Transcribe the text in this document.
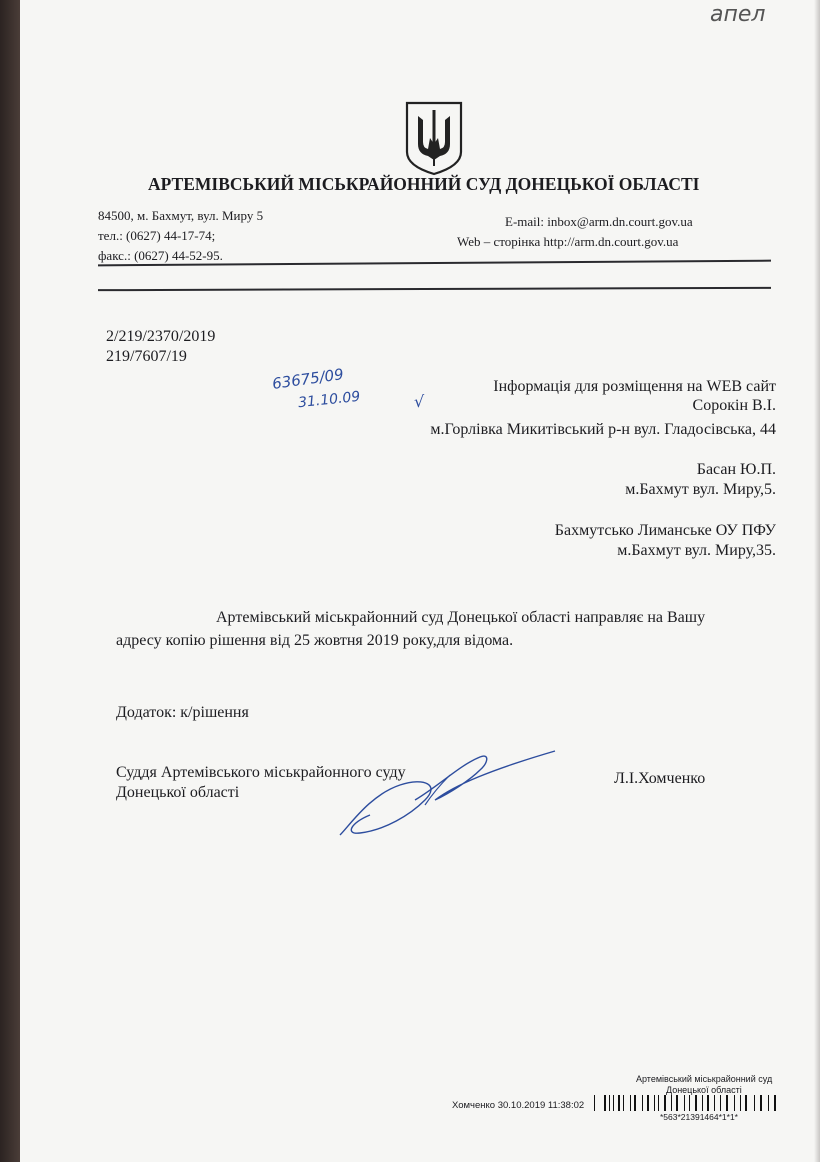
апел
АРТЕМІВСЬКИЙ МІСЬКРАЙОННИЙ СУД ДОНЕЦЬКОЇ ОБЛАСТІ
84500, м. Бахмут, вул. Миру 5
тел.: (0627) 44-17-74;
факс.: (0627) 44-52-95.
E-mail: inbox@arm.dn.court.gov.ua
Web – сторінка http://arm.dn.court.gov.ua
2/219/2370/2019
219/7607/19
63675/09
31.10.09	√
Інформація для розміщення на WEB сайт
Сорокін В.І.
м.Горлівка Микитівський р-н вул. Гладосівська, 44
Басан Ю.П.
м.Бахмут вул. Миру,5.
Бахмутсько Лиманське ОУ ПФУ
м.Бахмут вул. Миру,35.
Артемівський міськрайонний суд Донецької області направляє на Вашу
адресу копію рішення від 25 жовтня 2019 року,для відома.
Додаток: к/рішення
Суддя Артемівського міськрайонного суду
Донецької області
Л.І.Хомченко
Артемівський міськрайонний суд
Донецької області
Хомченко 30.10.2019 11:38:02
*563*21391464*1*1*
